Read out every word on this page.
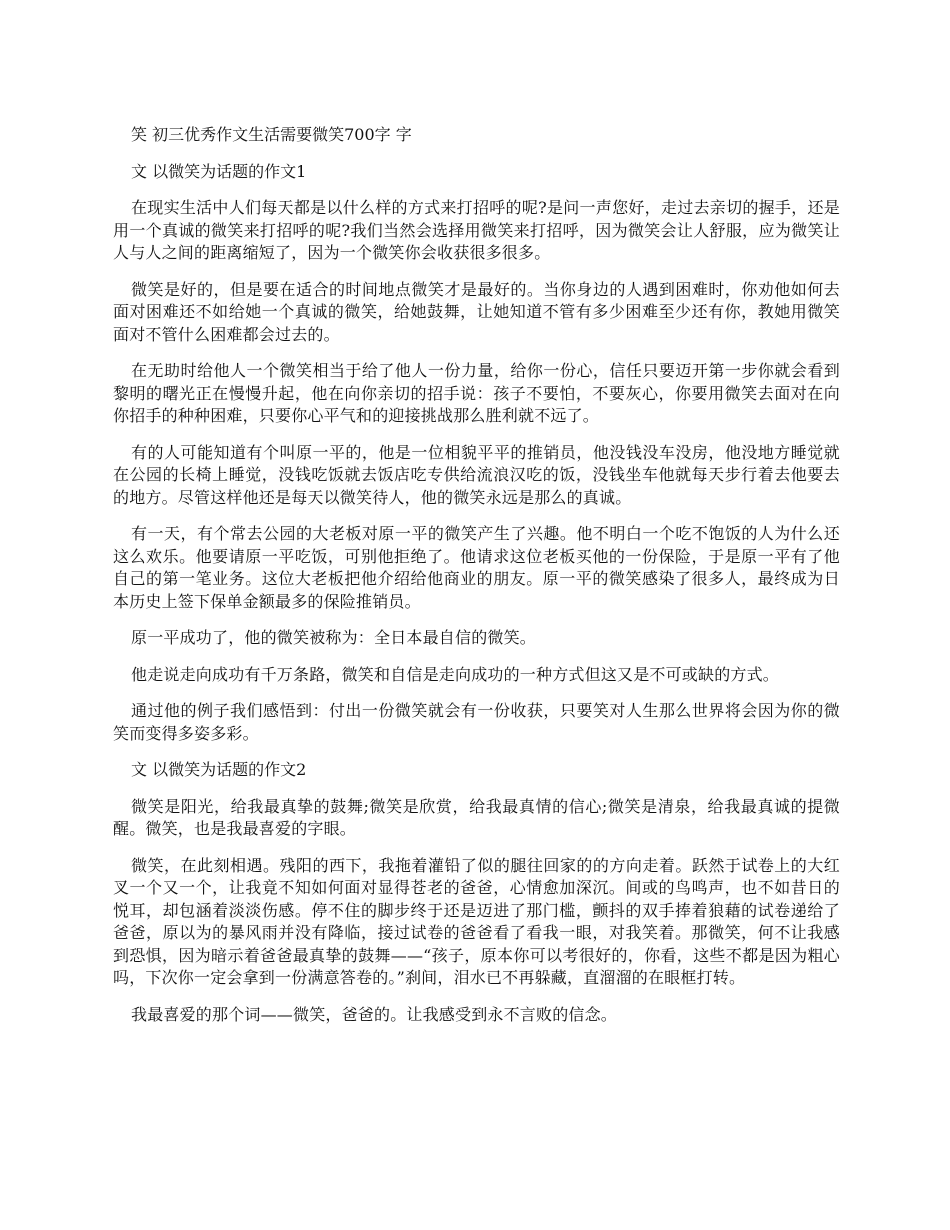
笑 初三优秀作文生活需要微笑700字 字

文 以微笑为话题的作文1

在现实生活中人们每天都是以什么样的方式来打招呼的呢?是问一声您好，走过去亲切的握手，还是用一个真诚的微笑来打招呼的呢?我们当然会选择用微笑来打招呼，因为微笑会让人舒服，应为微笑让人与人之间的距离缩短了，因为一个微笑你会收获很多很多。

微笑是好的，但是要在适合的时间地点微笑才是最好的。当你身边的人遇到困难时，你劝他如何去面对困难还不如给她一个真诚的微笑，给她鼓舞，让她知道不管有多少困难至少还有你，教她用微笑面对不管什么困难都会过去的。

在无助时给他人一个微笑相当于给了他人一份力量，给你一份心，信任只要迈开第一步你就会看到黎明的曙光正在慢慢升起，他在向你亲切的招手说：孩子不要怕，不要灰心，你要用微笑去面对在向你招手的种种困难，只要你心平气和的迎接挑战那么胜利就不远了。

有的人可能知道有个叫原一平的，他是一位相貌平平的推销员，他没钱没车没房，他没地方睡觉就在公园的长椅上睡觉，没钱吃饭就去饭店吃专供给流浪汉吃的饭，没钱坐车他就每天步行着去他要去的地方。尽管这样他还是每天以微笑待人，他的微笑永远是那么的真诚。

有一天，有个常去公园的大老板对原一平的微笑产生了兴趣。他不明白一个吃不饱饭的人为什么还这么欢乐。他要请原一平吃饭，可别他拒绝了。他请求这位老板买他的一份保险，于是原一平有了他自己的第一笔业务。这位大老板把他介绍给他商业的朋友。原一平的微笑感染了很多人，最终成为日本历史上签下保单金额最多的保险推销员。

原一平成功了，他的微笑被称为：全日本最自信的微笑。

他走说走向成功有千万条路，微笑和自信是走向成功的一种方式但这又是不可或缺的方式。

通过他的例子我们感悟到：付出一份微笑就会有一份收获，只要笑对人生那么世界将会因为你的微笑而变得多姿多彩。

文 以微笑为话题的作文2

微笑是阳光，给我最真挚的鼓舞;微笑是欣赏，给我最真情的信心;微笑是清泉，给我最真诚的提微醒。微笑，也是我最喜爱的字眼。

微笑，在此刻相遇。残阳的西下，我拖着灌铅了似的腿往回家的的方向走着。跃然于试卷上的大红叉一个又一个，让我竟不知如何面对显得苍老的爸爸，心情愈加深沉。间或的鸟鸣声，也不如昔日的悦耳，却包涵着淡淡伤感。停不住的脚步终于还是迈进了那门槛，颤抖的双手捧着狼藉的试卷递给了爸爸，原以为的暴风雨并没有降临，接过试卷的爸爸看了看我一眼，对我笑着。那微笑，何不让我感到恐惧，因为暗示着爸爸最真挚的鼓舞——“孩子，原本你可以考很好的，你看，这些不都是因为粗心吗，下次你一定会拿到一份满意答卷的。”刹间，泪水已不再躲藏，直溜溜的在眼框打转。

我最喜爱的那个词——微笑，爸爸的。让我感受到永不言败的信念。
